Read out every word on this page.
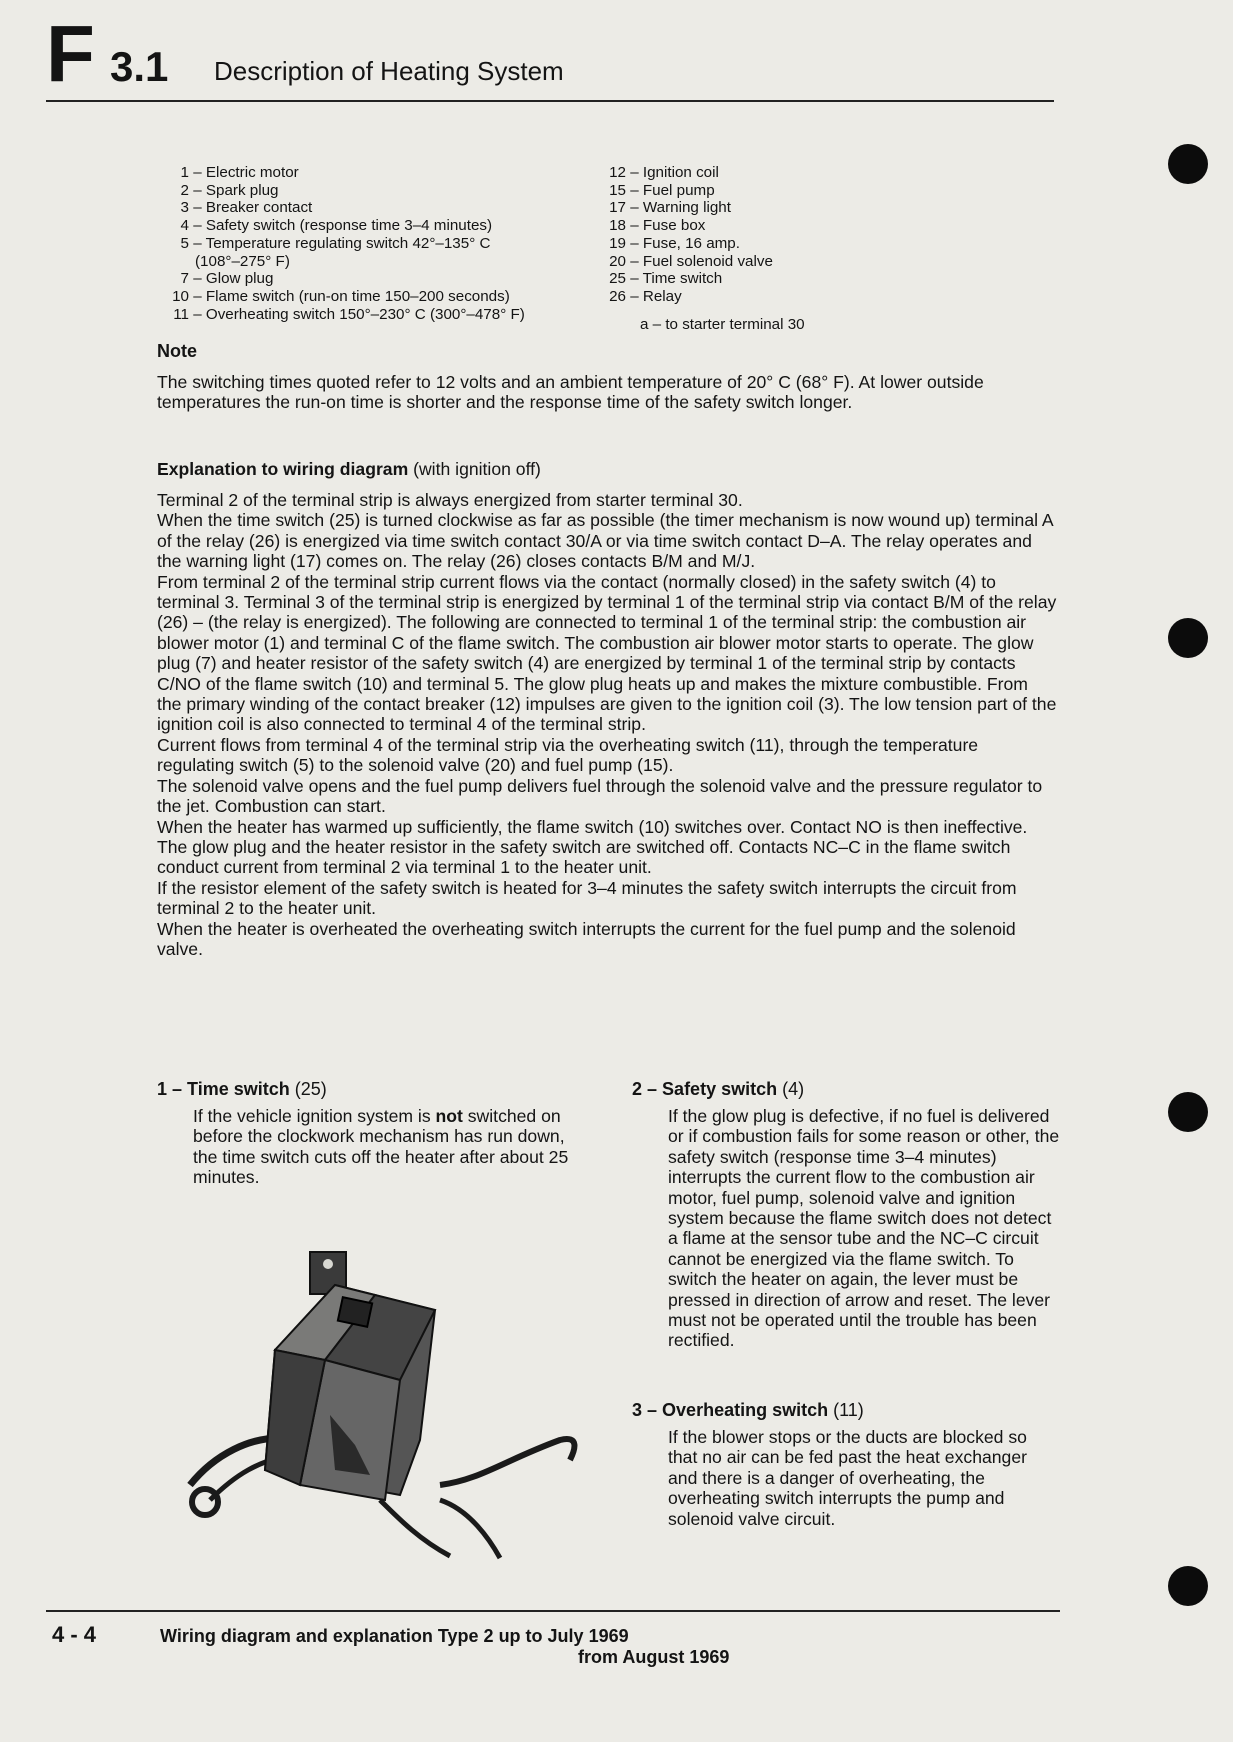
F 3.1 Description of Heating System
1 – Electric motor
2 – Spark plug
3 – Breaker contact
4 – Safety switch (response time 3–4 minutes)
5 – Temperature regulating switch 42°–135° C
(108°–275° F)
7 – Glow plug
10 – Flame switch (run-on time 150–200 seconds)
11 – Overheating switch 150°–230° C (300°–478° F)
12 – Ignition coil
15 – Fuel pump
17 – Warning light
18 – Fuse box
19 – Fuse, 16 amp.
20 – Fuel solenoid valve
25 – Time switch
26 – Relay
a – to starter terminal 30
Note
The switching times quoted refer to 12 volts and an ambient temperature of 20° C (68° F). At lower outside temperatures the run-on time is shorter and the response time of the safety switch longer.
Explanation to wiring diagram (with ignition off)

Terminal 2 of the terminal strip is always energized from starter terminal 30.

When the time switch (25) is turned clockwise as far as possible (the timer mechanism is now wound up) terminal A of the relay (26) is energized via time switch contact 30/A or via time switch contact D–A. The relay operates and the warning light (17) comes on. The relay (26) closes contacts B/M and M/J.

From terminal 2 of the terminal strip current flows via the contact (normally closed) in the safety switch (4) to terminal 3. Terminal 3 of the terminal strip is energized by terminal 1 of the terminal strip via contact B/M of the relay (26) – (the relay is energized). The following are connected to terminal 1 of the terminal strip: the combustion air blower motor (1) and terminal C of the flame switch. The combustion air blower motor starts to operate. The glow plug (7) and heater resistor of the safety switch (4) are energized by terminal 1 of the terminal strip by contacts C/NO of the flame switch (10) and terminal 5. The glow plug heats up and makes the mixture combustible. From the primary winding of the contact breaker (12) impulses are given to the ignition coil (3). The low tension part of the ignition coil is also connected to terminal 4 of the terminal strip.

Current flows from terminal 4 of the terminal strip via the overheating switch (11), through the temperature regulating switch (5) to the solenoid valve (20) and fuel pump (15).

The solenoid valve opens and the fuel pump delivers fuel through the solenoid valve and the pressure regulator to the jet. Combustion can start.

When the heater has warmed up sufficiently, the flame switch (10) switches over. Contact NO is then ineffective. The glow plug and the heater resistor in the safety switch are switched off. Contacts NC–C in the flame switch conduct current from terminal 2 via terminal 1 to the heater unit.

If the resistor element of the safety switch is heated for 3–4 minutes the safety switch interrupts the circuit from terminal 2 to the heater unit.

When the heater is overheated the overheating switch interrupts the current for the fuel pump and the solenoid valve.

1 – Time switch (25)
If the vehicle ignition system is not switched on before the clockwork mechanism has run down, the time switch cuts off the heater after about 25 minutes.
2 – Safety switch (4)
If the glow plug is defective, if no fuel is delivered or if combustion fails for some reason or other, the safety switch (response time 3–4 minutes) interrupts the current flow to the combustion air motor, fuel pump, solenoid valve and ignition system because the flame switch does not detect a flame at the sensor tube and the NC–C circuit cannot be energized via the flame switch. To switch the heater on again, the lever must be pressed in direction of arrow and reset. The lever must not be operated until the trouble has been rectified.
3 – Overheating switch (11)
If the blower stops or the ducts are blocked so that no air can be fed past the heat exchanger and there is a danger of overheating, the overheating switch interrupts the pump and solenoid valve circuit.
4 - 4	Wiring diagram and explanation Type 2 up to July 1969
from August 1969
